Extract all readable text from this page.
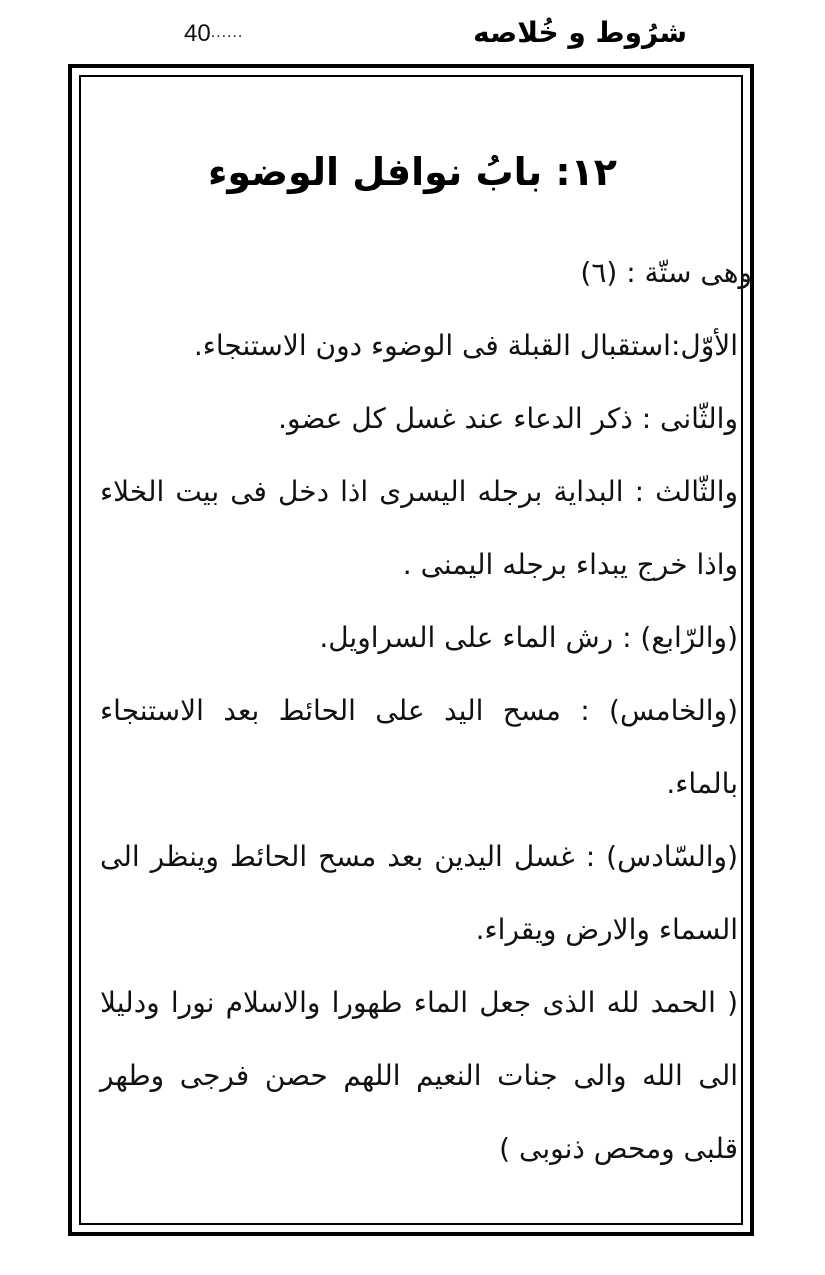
40......	شرُوط و خُلاصه
١٢: بابُ نوافل الوضوء

وهى ستّة : (٦)

الأوّل:استقبال القبلة فى الوضوء دون الاستنجاء.

والثّانى : ذكر الدعاء عند غسل كل عضو.

والثّالث : البداية برجله اليسرى اذا دخل فى بيت الخلاء واذا خرج يبداء برجله اليمنى .

(والرّابع) : رش الماء على السراويل.

(والخامس) : مسح اليد على الحائط بعد الاستنجاء بالماء.

(والسّادس) : غسل اليدين بعد مسح الحائط وينظر الى السماء والارض ويقراء.

( الحمد لله الذى جعل الماء طهورا والاسلام نورا ودليلا الى الله والى جنات النعيم اللهم حصن فرجى وطهر قلبى ومحص ذنوبى )
